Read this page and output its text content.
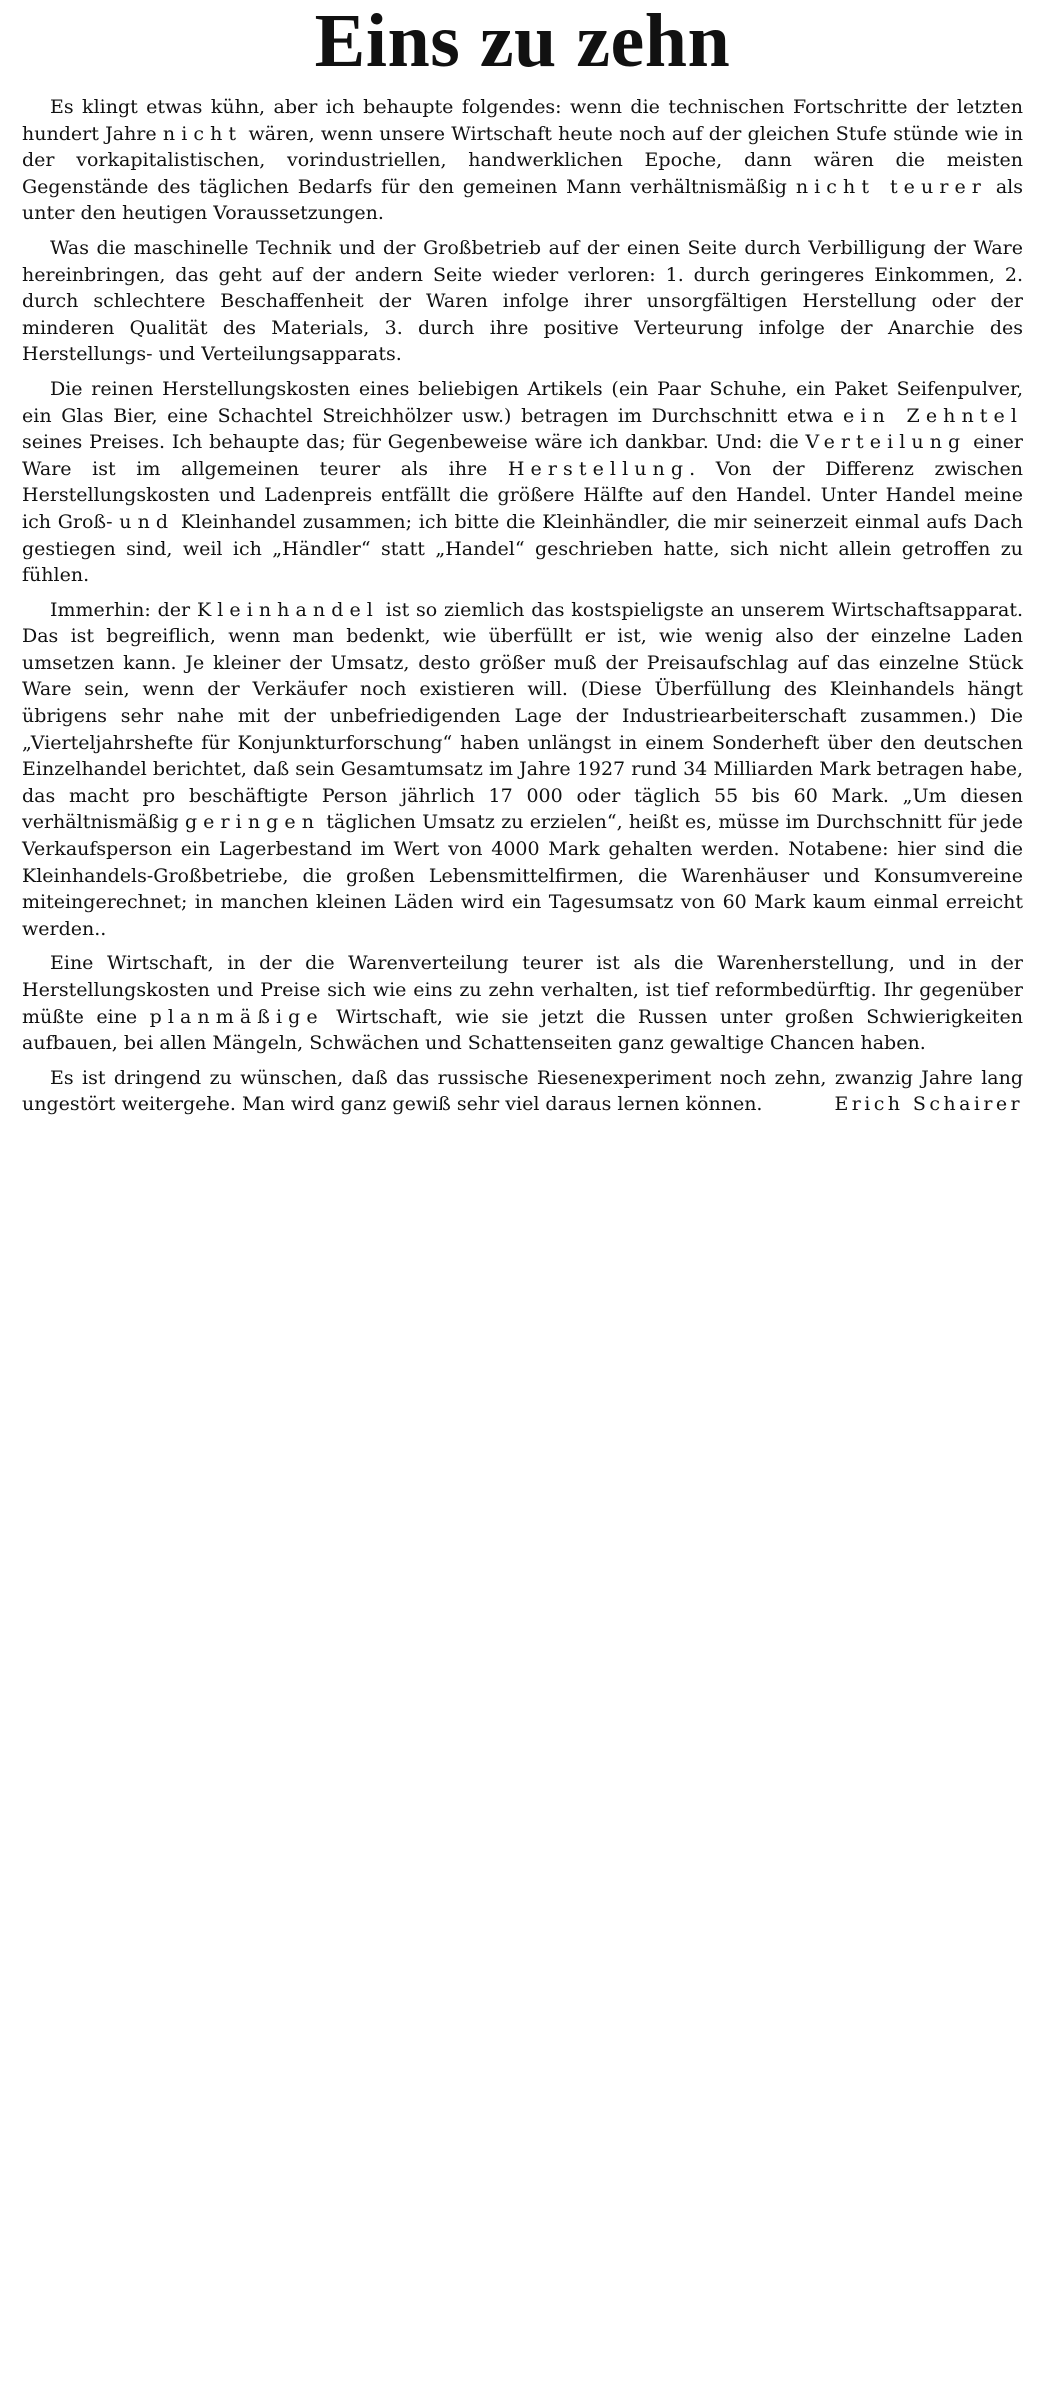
Eins zu zehn

Es klingt etwas kühn, aber ich behaupte folgendes: wenn die technischen Fortschritte der letzten hundert Jahre nicht wären, wenn unsere Wirtschaft heute noch auf der gleichen Stufe stünde wie in der vorkapitalistischen, vorindustriellen, handwerklichen Epoche, dann wären die meisten Gegenstände des täglichen Bedarfs für den gemeinen Mann verhältnismäßig nicht teurer als unter den heutigen Voraussetzungen.

Was die maschinelle Technik und der Großbetrieb auf der einen Seite durch Verbilligung der Ware hereinbringen, das geht auf der andern Seite wieder verloren: 1. durch geringeres Einkommen, 2. durch schlechtere Beschaffenheit der Waren infolge ihrer unsorgfältigen Herstellung oder der minderen Qualität des Materials, 3. durch ihre positive Verteurung infolge der Anarchie des Herstellungs- und Verteilungsapparats.

Die reinen Herstellungskosten eines beliebigen Artikels (ein Paar Schuhe, ein Paket Seifenpulver, ein Glas Bier, eine Schachtel Streichhölzer usw.) betragen im Durchschnitt etwa ein Zehntel seines Preises. Ich behaupte das; für Gegenbeweise wäre ich dankbar. Und: die Verteilung einer Ware ist im allgemeinen teurer als ihre Herstellung. Von der Differenz zwischen Herstellungskosten und Ladenpreis entfällt die größere Hälfte auf den Handel. Unter Handel meine ich Groß- und Kleinhandel zusammen; ich bitte die Kleinhändler, die mir seinerzeit einmal aufs Dach gestiegen sind, weil ich „Händler“ statt „Handel“ geschrieben hatte, sich nicht allein getroffen zu fühlen.

Immerhin: der Kleinhandel ist so ziemlich das kostspieligste an unserem Wirtschaftsapparat. Das ist begreiflich, wenn man bedenkt, wie überfüllt er ist, wie wenig also der einzelne Laden umsetzen kann. Je kleiner der Umsatz, desto größer muß der Preisaufschlag auf das einzelne Stück Ware sein, wenn der Verkäufer noch existieren will. (Diese Überfüllung des Kleinhandels hängt übrigens sehr nahe mit der unbefriedigenden Lage der Industriearbeiterschaft zusammen.) Die „Vierteljahrshefte für Konjunkturforschung“ haben unlängst in einem Sonderheft über den deutschen Einzelhandel berichtet, daß sein Gesamtumsatz im Jahre 1927 rund 34 Milliarden Mark betragen habe, das macht pro beschäftigte Person jährlich 17 000 oder täglich 55 bis 60 Mark. „Um diesen verhältnismäßig geringen täglichen Umsatz zu erzielen“, heißt es, müsse im Durchschnitt für jede Verkaufsperson ein Lagerbestand im Wert von 4000 Mark gehalten werden. Notabene: hier sind die Kleinhandels-Großbetriebe, die großen Lebensmittelfirmen, die Warenhäuser und Konsumvereine miteingerechnet; in manchen kleinen Läden wird ein Tagesumsatz von 60 Mark kaum einmal erreicht werden..

Eine Wirtschaft, in der die Warenverteilung teurer ist als die Warenherstellung, und in der Herstellungskosten und Preise sich wie eins zu zehn verhalten, ist tief reformbedürftig. Ihr gegenüber müßte eine planmäßige Wirtschaft, wie sie jetzt die Russen unter großen Schwierigkeiten aufbauen, bei allen Mängeln, Schwächen und Schattenseiten ganz gewaltige Chancen haben.

Es ist dringend zu wünschen, daß das russische Riesenexperiment noch zehn, zwanzig Jahre lang ungestört weitergehe. Man wird ganz gewiß sehr viel daraus lernen können.	Erich Schairer
